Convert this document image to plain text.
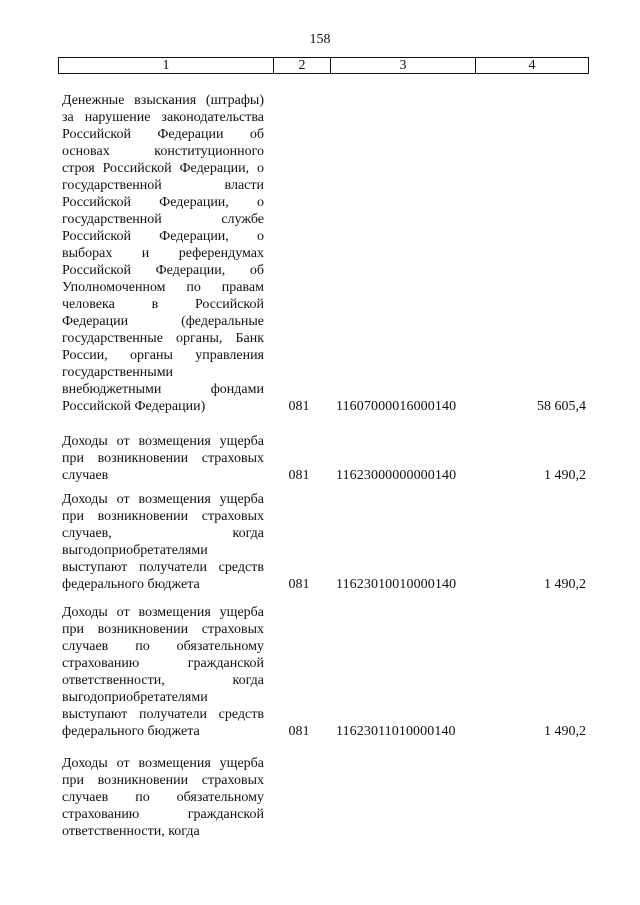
158
1	2	3	4
Денежные взыскания (штрафы)
за нарушение законодательства
Российской Федерации об
основах конституционного
строя Российской Федерации, о
государственной власти
Российской Федерации, о
государственной службе
Российской Федерации, о
выборах и референдумах
Российской Федерации, об
Уполномоченном по правам
человека в Российской
Федерации (федеральные
государственные органы, Банк
России, органы управления
государственными
внебюджетными фондами
Российской Федерации)	081	11607000016000140	58 605,4
Доходы от возмещения ущерба
при возникновении страховых
случаев	081	11623000000000140	1 490,2
Доходы от возмещения ущерба
при возникновении страховых
случаев, когда
выгодоприобретателями
выступают получатели средств
федерального бюджета	081	11623010010000140	1 490,2
Доходы от возмещения ущерба
при возникновении страховых
случаев по обязательному
страхованию гражданской
ответственности, когда
выгодоприобретателями
выступают получатели средств
федерального бюджета	081	11623011010000140	1 490,2
Доходы от возмещения ущерба
при возникновении страховых
случаев по обязательному
страхованию гражданской
ответственности, когда
